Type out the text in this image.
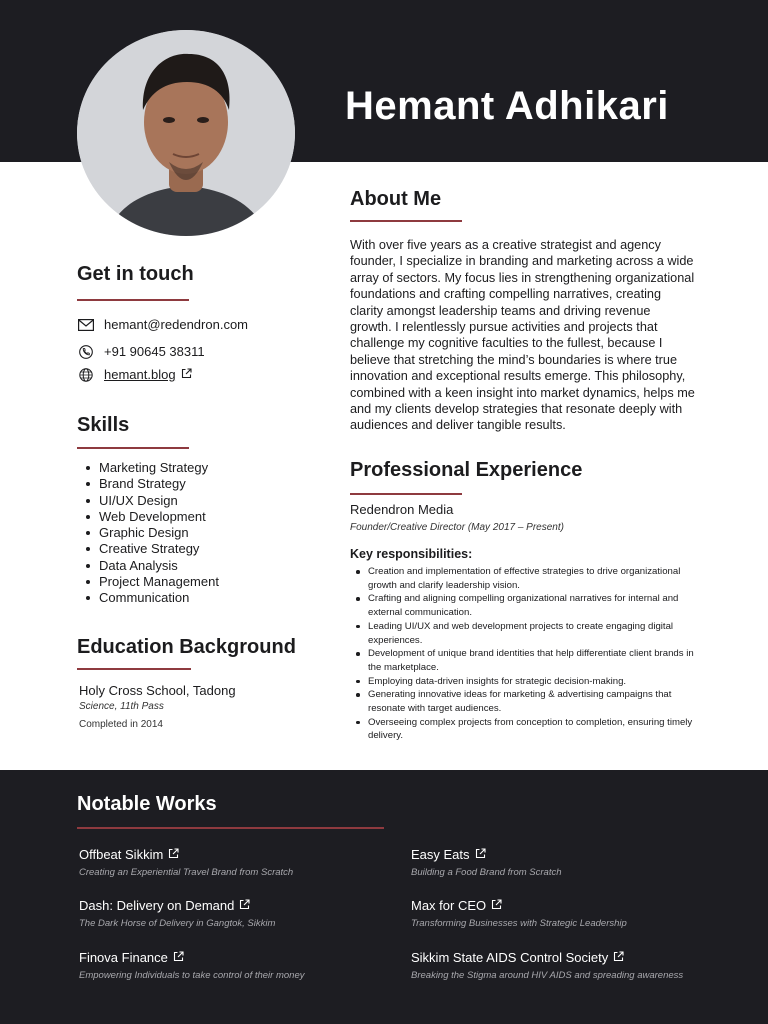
Hemant Adhikari
Get in touch
hemant@redendron.com
+91 90645 38311
hemant.blog
Skills
Marketing Strategy
Brand Strategy
UI/UX Design
Web Development
Graphic Design
Creative Strategy
Data Analysis
Project Management
Communication
Education Background
Holy Cross School, Tadong
Science, 11th Pass
Completed in 2014
About Me
With over five years as a creative strategist and agency founder, I specialize in branding and marketing across a wide array of sectors. My focus lies in strengthening organizational foundations and crafting compelling narratives, creating clarity amongst leadership teams and driving revenue growth. I relentlessly pursue activities and projects that challenge my cognitive faculties to the fullest, because I believe that stretching the mind’s boundaries is where true innovation and exceptional results emerge. This philosophy, combined with a keen insight into market dynamics, helps me and my clients develop strategies that resonate deeply with audiences and deliver tangible results.
Professional Experience
Redendron Media
Founder/Creative Director (May 2017 – Present)
Key responsibilities:
Creation and implementation of effective strategies to drive organizational growth and clarify leadership vision.
Crafting and aligning compelling organizational narratives for internal and external communication.
Leading UI/UX and web development projects to create engaging digital experiences.
Development of unique brand identities that help differentiate client brands in the marketplace.
Employing data-driven insights for strategic decision-making.
Generating innovative ideas for marketing & advertising campaigns that resonate with target audiences.
Overseeing complex projects from conception to completion, ensuring timely delivery.
Notable Works
Offbeat Sikkim
Creating an Experiential Travel Brand from Scratch
Easy Eats
Building a Food Brand from Scratch
Dash: Delivery on Demand
The Dark Horse of Delivery in Gangtok, Sikkim
Max for CEO
Transforming Businesses with Strategic Leadership
Finova Finance
Empowering Individuals to take control of their money
Sikkim State AIDS Control Society
Breaking the Stigma around HIV AIDS and spreading awareness
